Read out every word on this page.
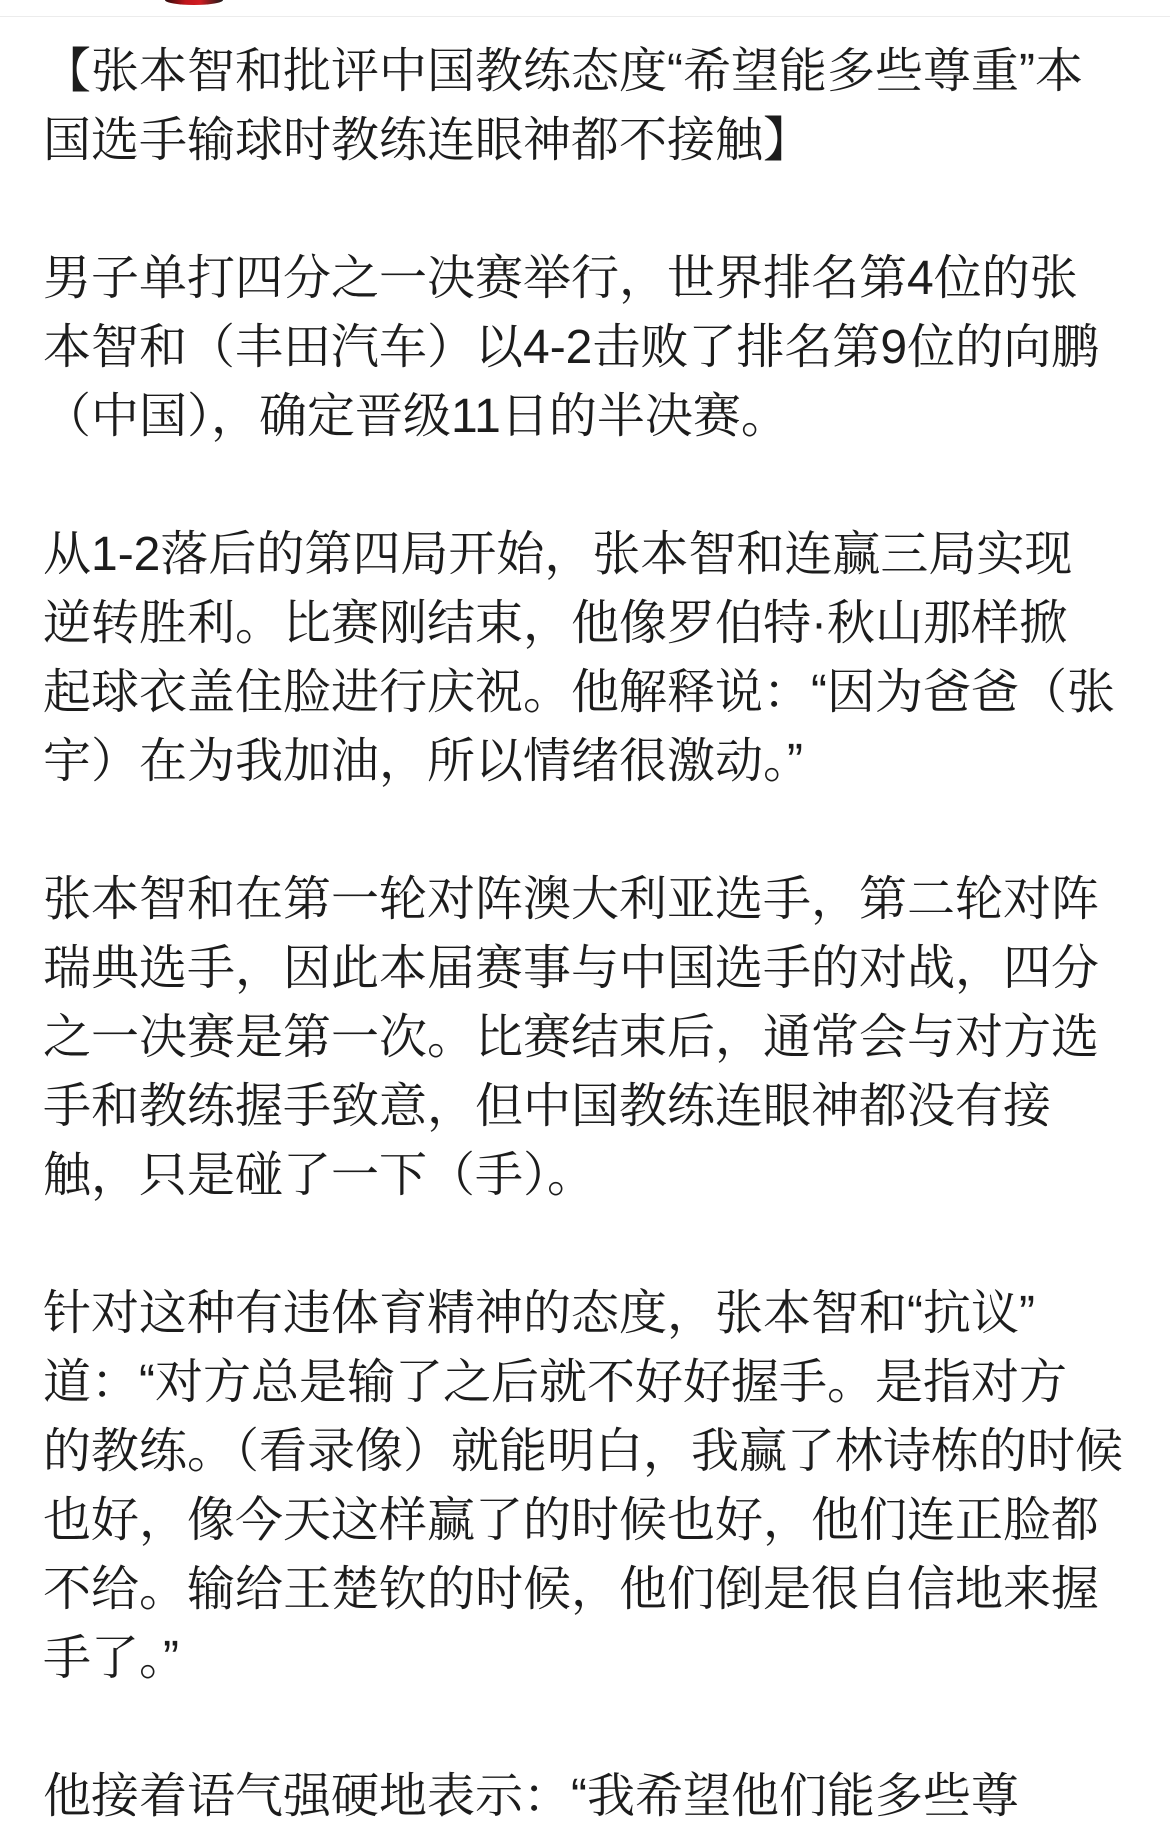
【张本智和批评中国教练态度“希望能多些尊重”本
国选手输球时教练连眼神都不接触】
男子单打四分之一决赛举行，世界排名第4位的张
本智和（丰田汽车）以4-2击败了排名第9位的向鹏
（中国），确定晋级11日的半决赛。
从1-2落后的第四局开始，张本智和连赢三局实现
逆转胜利。比赛刚结束，他像罗伯特·秋山那样掀
起球衣盖住脸进行庆祝。他解释说：“因为爸爸（张
宇）在为我加油，所以情绪很激动。”
张本智和在第一轮对阵澳大利亚选手，第二轮对阵
瑞典选手，因此本届赛事与中国选手的对战，四分
之一决赛是第一次。比赛结束后，通常会与对方选
手和教练握手致意，但中国教练连眼神都没有接
触，只是碰了一下（手）。
针对这种有违体育精神的态度，张本智和“抗议”
道：“对方总是输了之后就不好好握手。是指对方
的教练。（看录像）就能明白，我赢了林诗栋的时候
也好，像今天这样赢了的时候也好，他们连正脸都
不给。输给王楚钦的时候，他们倒是很自信地来握
手了。”
他接着语气强硬地表示：“我希望他们能多些尊
